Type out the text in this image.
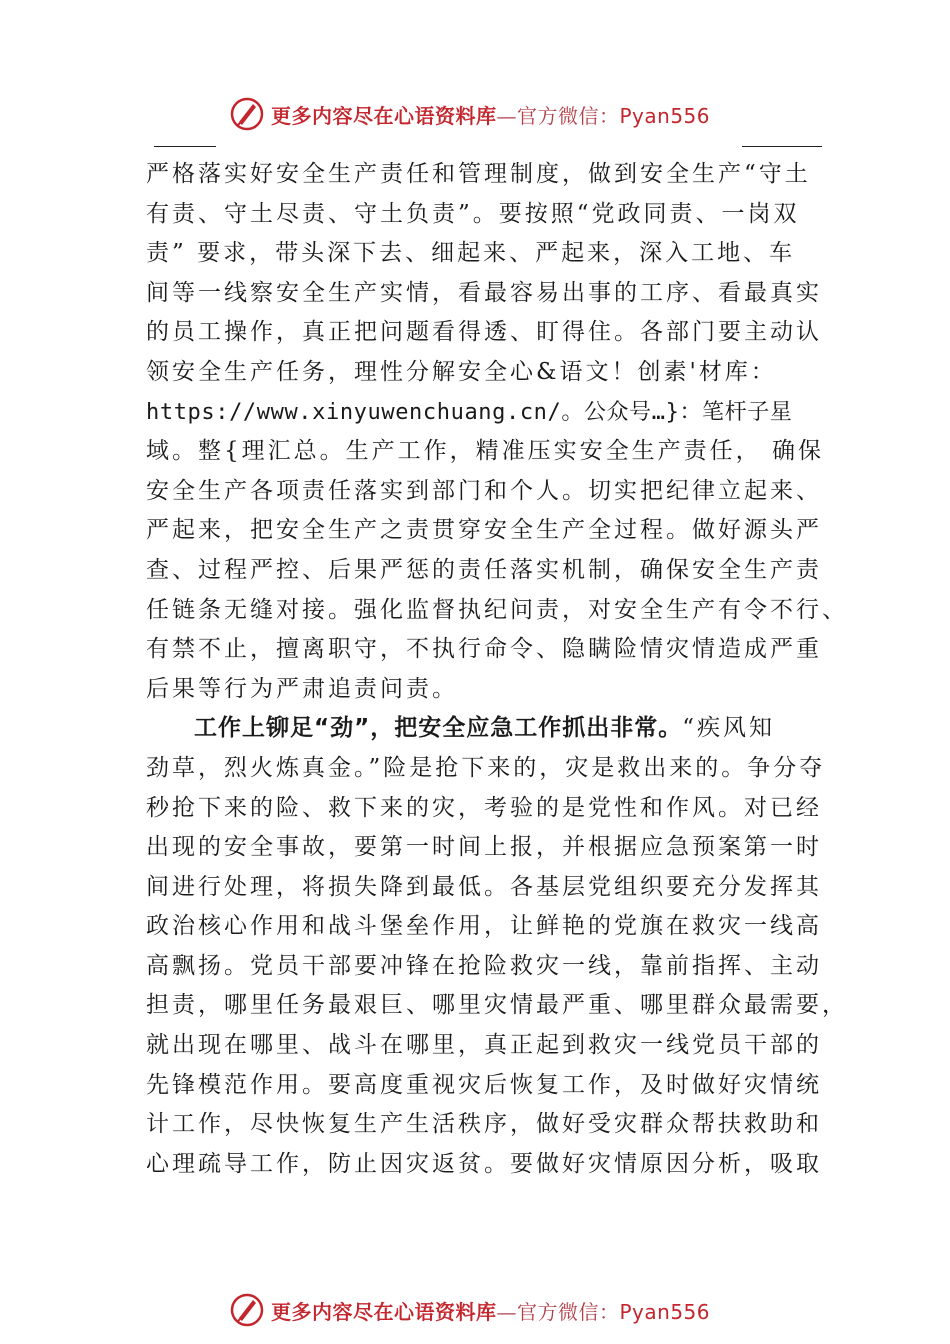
更多内容尽在心语资料库—官方微信：Pyan556
严格落实好安全生产责任和管理制度，做到安全生产“守土
有责、守土尽责、守土负责”。要按照“党政同责、一岗双
责” 要求，带头深下去、细起来、严起来，深入工地、车
间等一线察安全生产实情，看最容易出事的工序、看最真实
的员工操作，真正把问题看得透、盯得住。各部门要主动认
领安全生产任务，理性分解安全心&语文！创素'材库：
https://www.xinyuwenchuang.cn/。公众号…}：笔杆子星
域。整{理汇总。生产工作，精准压实安全生产责任， 确保
安全生产各项责任落实到部门和个人。切实把纪律立起来、
严起来，把安全生产之责贯穿安全生产全过程。做好源头严
查、过程严控、后果严惩的责任落实机制，确保安全生产责
任链条无缝对接。强化监督执纪问责，对安全生产有令不行、
有禁不止，擅离职守，不执行命令、隐瞒险情灾情造成严重
后果等行为严肃追责问责。
工作上铆足“劲”，把安全应急工作抓出非常。“疾风知
劲草，烈火炼真金。”险是抢下来的，灾是救出来的。争分夺
秒抢下来的险、救下来的灾，考验的是党性和作风。对已经
出现的安全事故，要第一时间上报，并根据应急预案第一时
间进行处理，将损失降到最低。各基层党组织要充分发挥其
政治核心作用和战斗堡垒作用，让鲜艳的党旗在救灾一线高
高飘扬。党员干部要冲锋在抢险救灾一线，靠前指挥、主动
担责，哪里任务最艰巨、哪里灾情最严重、哪里群众最需要，
就出现在哪里、战斗在哪里，真正起到救灾一线党员干部的
先锋模范作用。要高度重视灾后恢复工作，及时做好灾情统
计工作，尽快恢复生产生活秩序，做好受灾群众帮扶救助和
心理疏导工作，防止因灾返贫。要做好灾情原因分析，吸取
更多内容尽在心语资料库—官方微信：Pyan556
